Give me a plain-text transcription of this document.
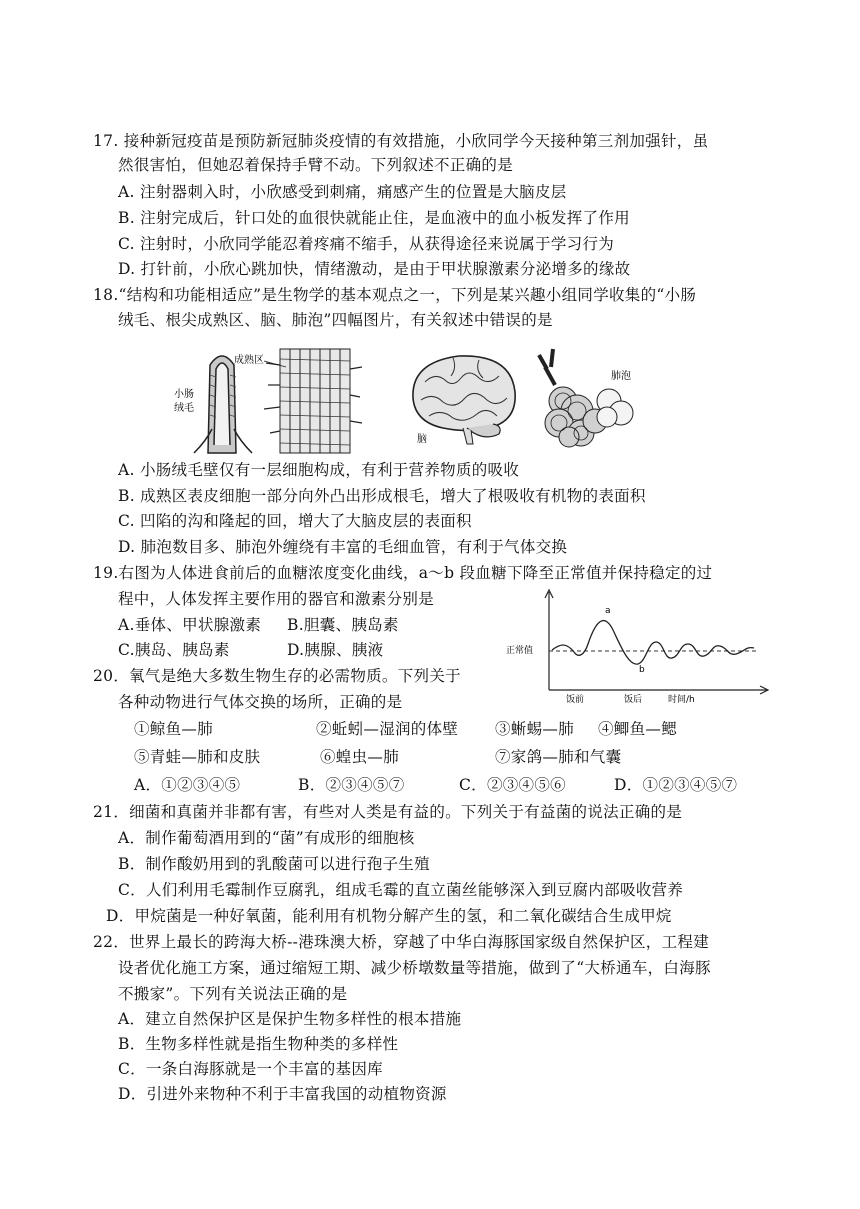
17. 接种新冠疫苗是预防新冠肺炎疫情的有效措施，小欣同学今天接种第三剂加强针，虽
然很害怕，但她忍着保持手臂不动。下列叙述不正确的是
A. 注射器刺入时，小欣感受到刺痛，痛感产生的位置是大脑皮层
B. 注射完成后，针口处的血很快就能止住，是血液中的血小板发挥了作用
C. 注射时，小欣同学能忍着疼痛不缩手，从获得途径来说属于学习行为
D. 打针前，小欣心跳加快，情绪激动，是由于甲状腺激素分泌增多的缘故
18.“结构和功能相适应”是生物学的基本观点之一，下列是某兴趣小组同学收集的“小肠
绒毛、根尖成熟区、脑、肺泡”四幅图片，有关叙述中错误的是
小肠
绒毛
成熟区
脑
肺泡
A. 小肠绒毛壁仅有一层细胞构成，有利于营养物质的吸收
B. 成熟区表皮细胞一部分向外凸出形成根毛，增大了根吸收有机物的表面积
C. 凹陷的沟和隆起的回，增大了大脑皮层的表面积
D. 肺泡数目多、肺泡外缠绕有丰富的毛细血管，有利于气体交换
19.右图为人体进食前后的血糖浓度变化曲线，a～b 段血糖下降至正常值并保持稳定的过
程中，人体发挥主要作用的器官和激素分别是
A.垂体、甲状腺激素 B.胆囊、胰岛素
C.胰岛、胰岛素	D.胰腺、胰液	正常值
a
b
饭前	饭后	时间/h
20．氧气是绝大多数生物生存的必需物质。下列关于
各种动物进行气体交换的场所，正确的是
①鲸鱼—肺	②蚯蚓—湿润的体壁 ③蜥蜴—肺 ④鲫鱼—鳃
⑤青蛙—肺和皮肤	⑥蝗虫—肺	⑦家鸽—肺和气囊
A．①②③④⑤	B．②③④⑤⑦	C．②③④⑤⑥	D．①②③④⑤⑦
21．细菌和真菌并非都有害，有些对人类是有益的。下列关于有益菌的说法正确的是
A．制作葡萄酒用到的“菌”有成形的细胞核
B．制作酸奶用到的乳酸菌可以进行孢子生殖
C．人们利用毛霉制作豆腐乳，组成毛霉的直立菌丝能够深入到豆腐内部吸收营养
D．甲烷菌是一种好氧菌，能利用有机物分解产生的氢，和二氧化碳结合生成甲烷
22．世界上最长的跨海大桥--港珠澳大桥，穿越了中华白海豚国家级自然保护区，工程建
设者优化施工方案，通过缩短工期、减少桥墩数量等措施，做到了“大桥通车，白海豚
不搬家”。下列有关说法正确的是
A．建立自然保护区是保护生物多样性的根本措施
B．生物多样性就是指生物种类的多样性
C．一条白海豚就是一个丰富的基因库
D．引进外来物种不利于丰富我国的动植物资源
